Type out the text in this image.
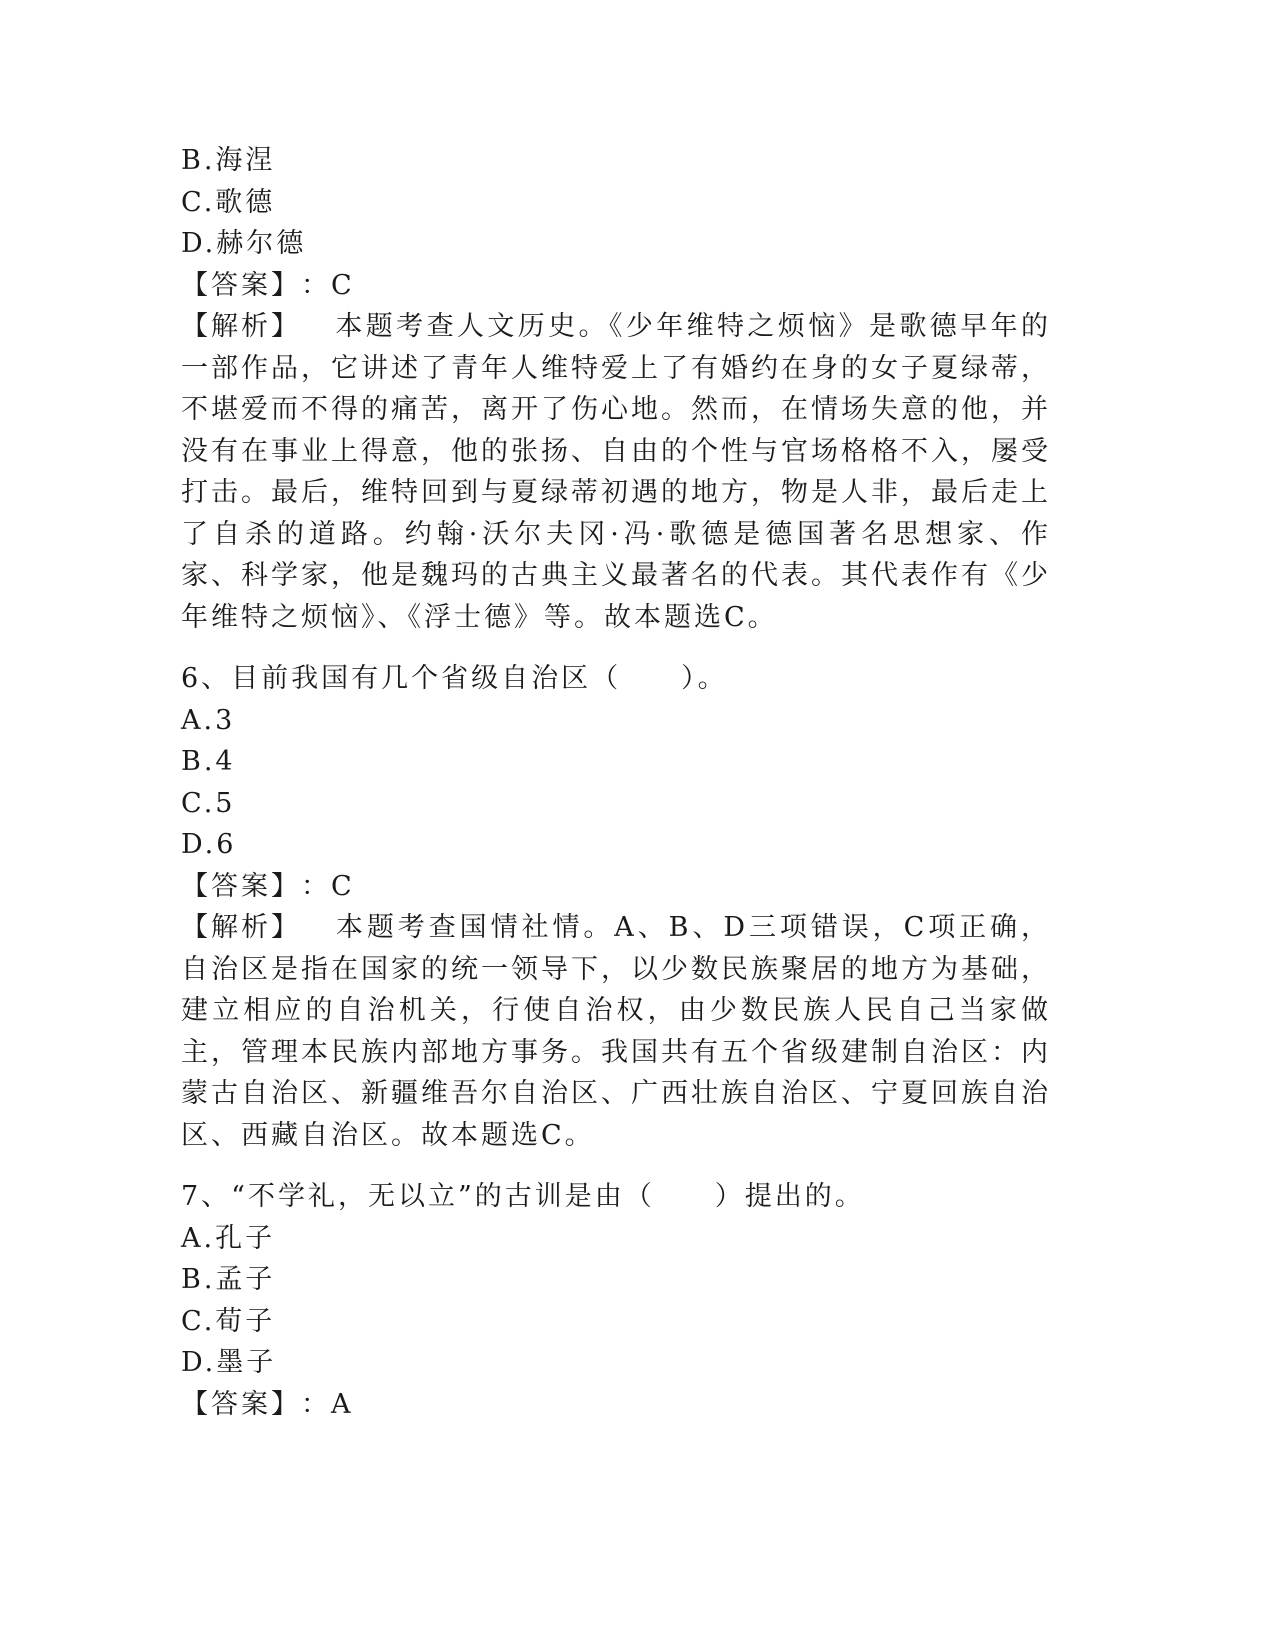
B.海涅
C.歌德
D.赫尔德
【答案】：C
【解析】 本题考查人文历史。《少年维特之烦恼》是歌德早年的一部作品，它讲述了青年人维特爱上了有婚约在身的女子夏绿蒂，不堪爱而不得的痛苦，离开了伤心地。然而，在情场失意的他，并没有在事业上得意，他的张扬、自由的个性与官场格格不入，屡受打击。最后，维特回到与夏绿蒂初遇的地方，物是人非，最后走上了自杀的道路。约翰·沃尔夫冈·冯·歌德是德国著名思想家、作家、科学家，他是魏玛的古典主义最著名的代表。其代表作有《少年维特之烦恼》、《浮士德》等。故本题选C。
6、目前我国有几个省级自治区（　　）。
A.3
B.4
C.5
D.6
【答案】：C
【解析】 本题考查国情社情。A、B、D三项错误，C项正确，自治区是指在国家的统一领导下，以少数民族聚居的地方为基础，建立相应的自治机关，行使自治权，由少数民族人民自己当家做主，管理本民族内部地方事务。我国共有五个省级建制自治区：内蒙古自治区、新疆维吾尔自治区、广西壮族自治区、宁夏回族自治区、西藏自治区。故本题选C。
7、“不学礼，无以立”的古训是由（　　）提出的。
A.孔子
B.孟子
C.荀子
D.墨子
【答案】：A
